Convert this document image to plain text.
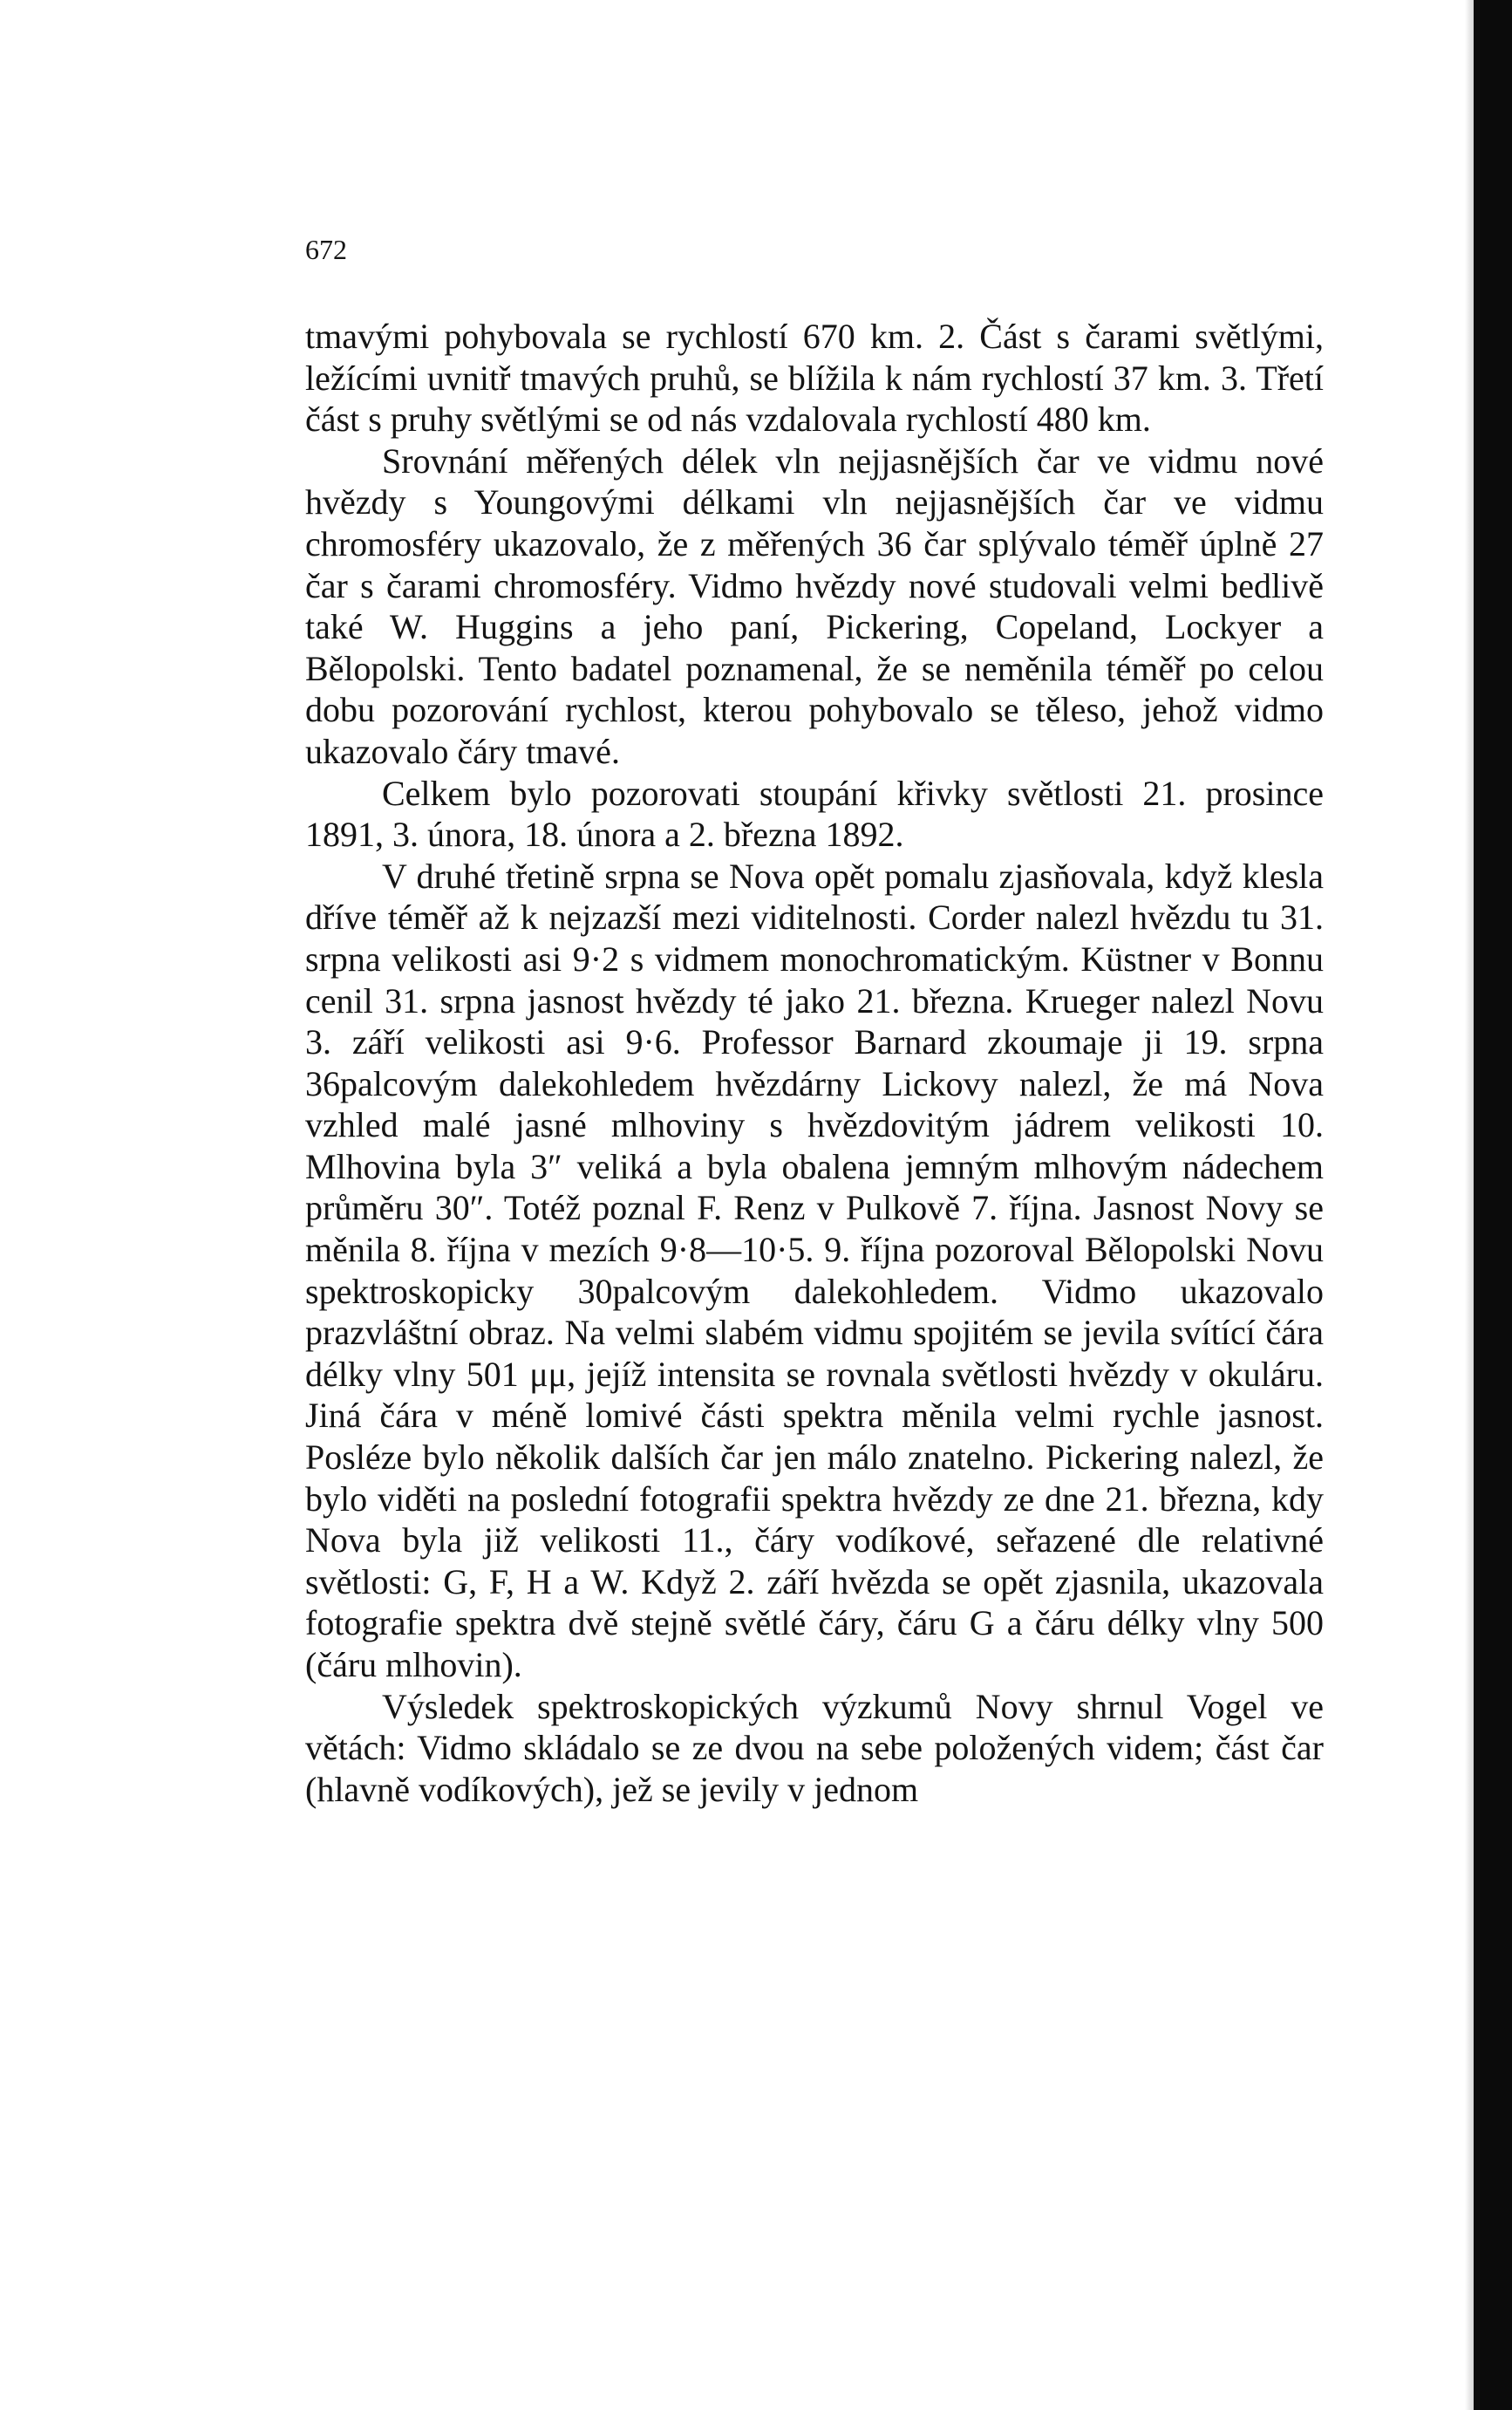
672

tmavými pohybovala se rychlostí 670 km. 2. Část s čarami světlými, ležícími uvnitř tmavých pruhů, se blížila k nám rychlostí 37 km. 3. Třetí část s pruhy světlými se od nás vzdalovala rychlostí 480 km.

Srovnání měřených délek vln nejjasnějších čar ve vidmu nové hvězdy s Youngovými délkami vln nejjasnějších čar ve vidmu chromosféry ukazovalo, že z měřených 36 čar splývalo téměř úplně 27 čar s čarami chromosféry. Vidmo hvězdy nové studovali velmi bedlivě také W. Huggins a jeho paní, Pickering, Copeland, Lockyer a Bělopolski. Tento badatel poznamenal, že se neměnila téměř po celou dobu pozorování rychlost, kterou pohybovalo se těleso, jehož vidmo ukazovalo čáry tmavé.

Celkem bylo pozorovati stoupání křivky světlosti 21. prosince 1891, 3. února, 18. února a 2. března 1892.

V druhé třetině srpna se Nova opět pomalu zjasňovala, když klesla dříve téměř až k nejzazší mezi viditelnosti. Corder nalezl hvězdu tu 31. srpna velikosti asi 9·2 s vidmem monochromatickým. Küstner v Bonnu cenil 31. srpna jasnost hvězdy té jako 21. března. Krueger nalezl Novu 3. září velikosti asi 9·6. Professor Barnard zkoumaje ji 19. srpna 36palcovým dalekohledem hvězdárny Lickovy nalezl, že má Nova vzhled malé jasné mlhoviny s hvězdovitým jádrem velikosti 10. Mlhovina byla 3″ veliká a byla obalena jemným mlhovým nádechem průměru 30″. Totéž poznal F. Renz v Pulkově 7. října. Jasnost Novy se měnila 8. října v mezích 9·8—10·5. 9. října pozoroval Bělopolski Novu spektroskopicky 30palcovým dalekohledem. Vidmo ukazovalo prazvláštní obraz. Na velmi slabém vidmu spojitém se jevila svítící čára délky vlny 501 μμ, jejíž intensita se rovnala světlosti hvězdy v okuláru. Jiná čára v méně lomivé části spektra měnila velmi rychle jasnost. Posléze bylo několik dalších čar jen málo znatelno. Pickering nalezl, že bylo viděti na poslední fotografii spektra hvězdy ze dne 21. března, kdy Nova byla již velikosti 11., čáry vodíkové, seřazené dle relativné světlosti: G, F, H a W. Když 2. září hvězda se opět zjasnila, ukazovala fotografie spektra dvě stejně světlé čáry, čáru G a čáru délky vlny 500 (čáru mlhovin).

Výsledek spektroskopických výzkumů Novy shrnul Vogel ve větách: Vidmo skládalo se ze dvou na sebe položených videm; část čar (hlavně vodíkových), jež se jevily v jednom
